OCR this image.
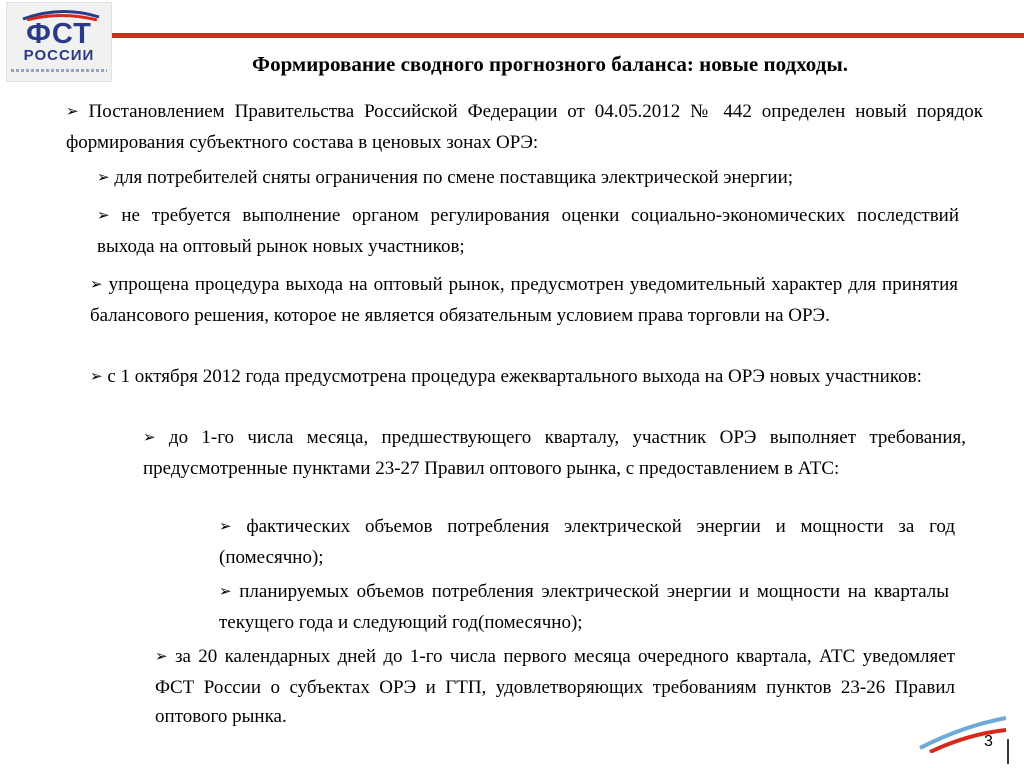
ФСТ
РОССИИ	Формирование сводного прогнозного баланса: новые подходы.

➢ Постановлением Правительства Российской Федерации от 04.05.2012 № 442 определен новый порядок формирования субъектного состава в ценовых зонах ОРЭ:

➢ для потребителей сняты ограничения по смене поставщика электрической энергии;

➢ не требуется выполнение органом регулирования оценки социально-экономических последствий выхода на оптовый рынок новых участников;

➢ упрощена процедура выхода на оптовый рынок, предусмотрен уведомительный характер для принятия балансового решения, которое не является обязательным условием права торговли на ОРЭ.

➢ с 1 октября 2012 года предусмотрена процедура ежеквартального выхода на ОРЭ новых участников:

➢ до 1-го числа месяца, предшествующего кварталу, участник ОРЭ выполняет требования, предусмотренные пунктами 23-27 Правил оптового рынка, с предоставлением в АТС:

➢ фактических объемов потребления электрической энергии и мощности за год (помесячно);

➢ планируемых объемов потребления электрической энергии и мощности на кварталы текущего года и следующий год(помесячно);

➢ за 20 календарных дней до 1-го числа первого месяца очередного квартала, АТС уведомляет ФСТ России о субъектах ОРЭ и ГТП, удовлетворяющих требованиям пунктов 23-26 Правил оптового рынка.

3
